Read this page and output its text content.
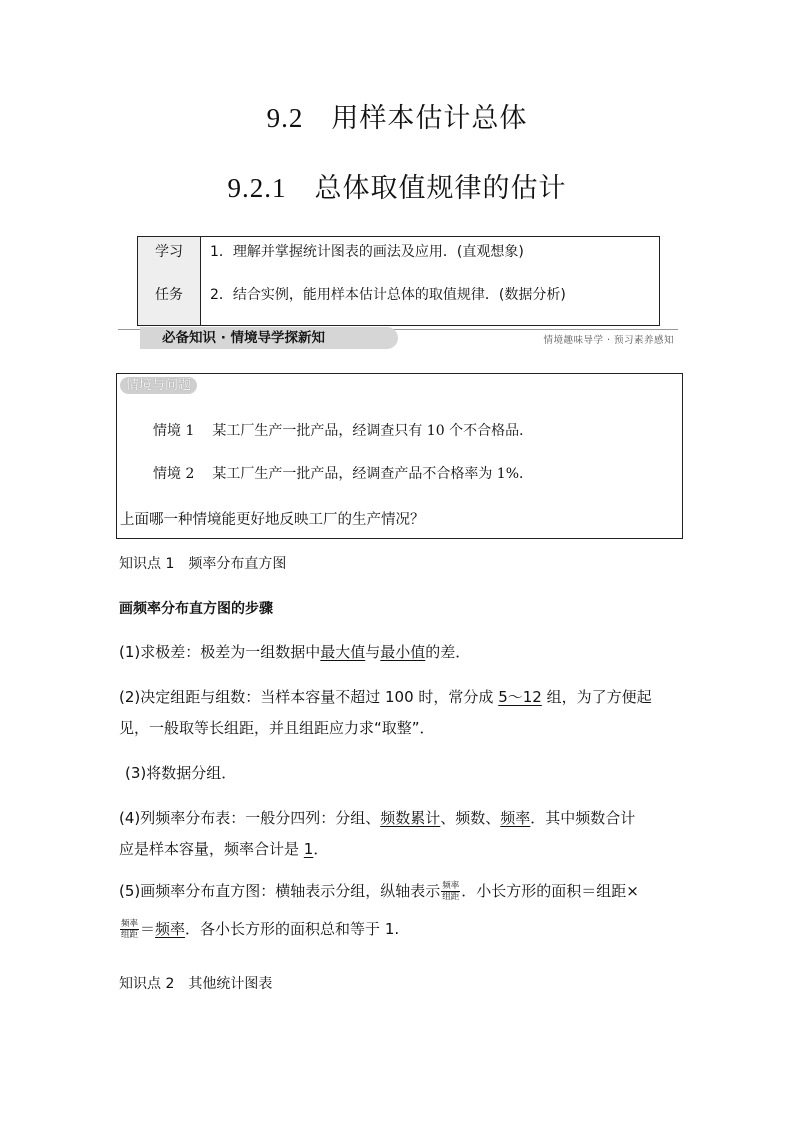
9.2 用样本估计总体
9.2.1 总体取值规律的估计
学习
任务
1．理解并掌握统计图表的画法及应用．(直观想象)
2．结合实例，能用样本估计总体的取值规律．(数据分析)
必备知识 · 情境导学探新知	情境趣味导学 · 预习素养感知
情境与问题
情境 1 某工厂生产一批产品，经调查只有 10 个不合格品．
情境 2 某工厂生产一批产品，经调查产品不合格率为 1%．
上面哪一种情境能更好地反映工厂的生产情况？
知识点 1　频率分布直方图
画频率分布直方图的步骤
(1)求极差：极差为一组数据中最大值与最小值的差．
(2)决定组距与组数：当样本容量不超过 100 时，常分成 5～12 组，为了方便起
见，一般取等长组距，并且组距应力求“取整”．
(3)将数据分组．
(4)列频率分布表：一般分四列：分组、频数累计、频数、频率．其中频数合计
应是样本容量，频率合计是 1．
(5)画频率分布直方图：横轴表示分组，纵轴表示 $\frac{\text{频率}}{\text{组距}}$ ．小长方形的面积＝组距×
$\frac{\text{频率}}{\text{组距}}$ ＝频率．各小长方形的面积总和等于 1.
知识点 2　其他统计图表
